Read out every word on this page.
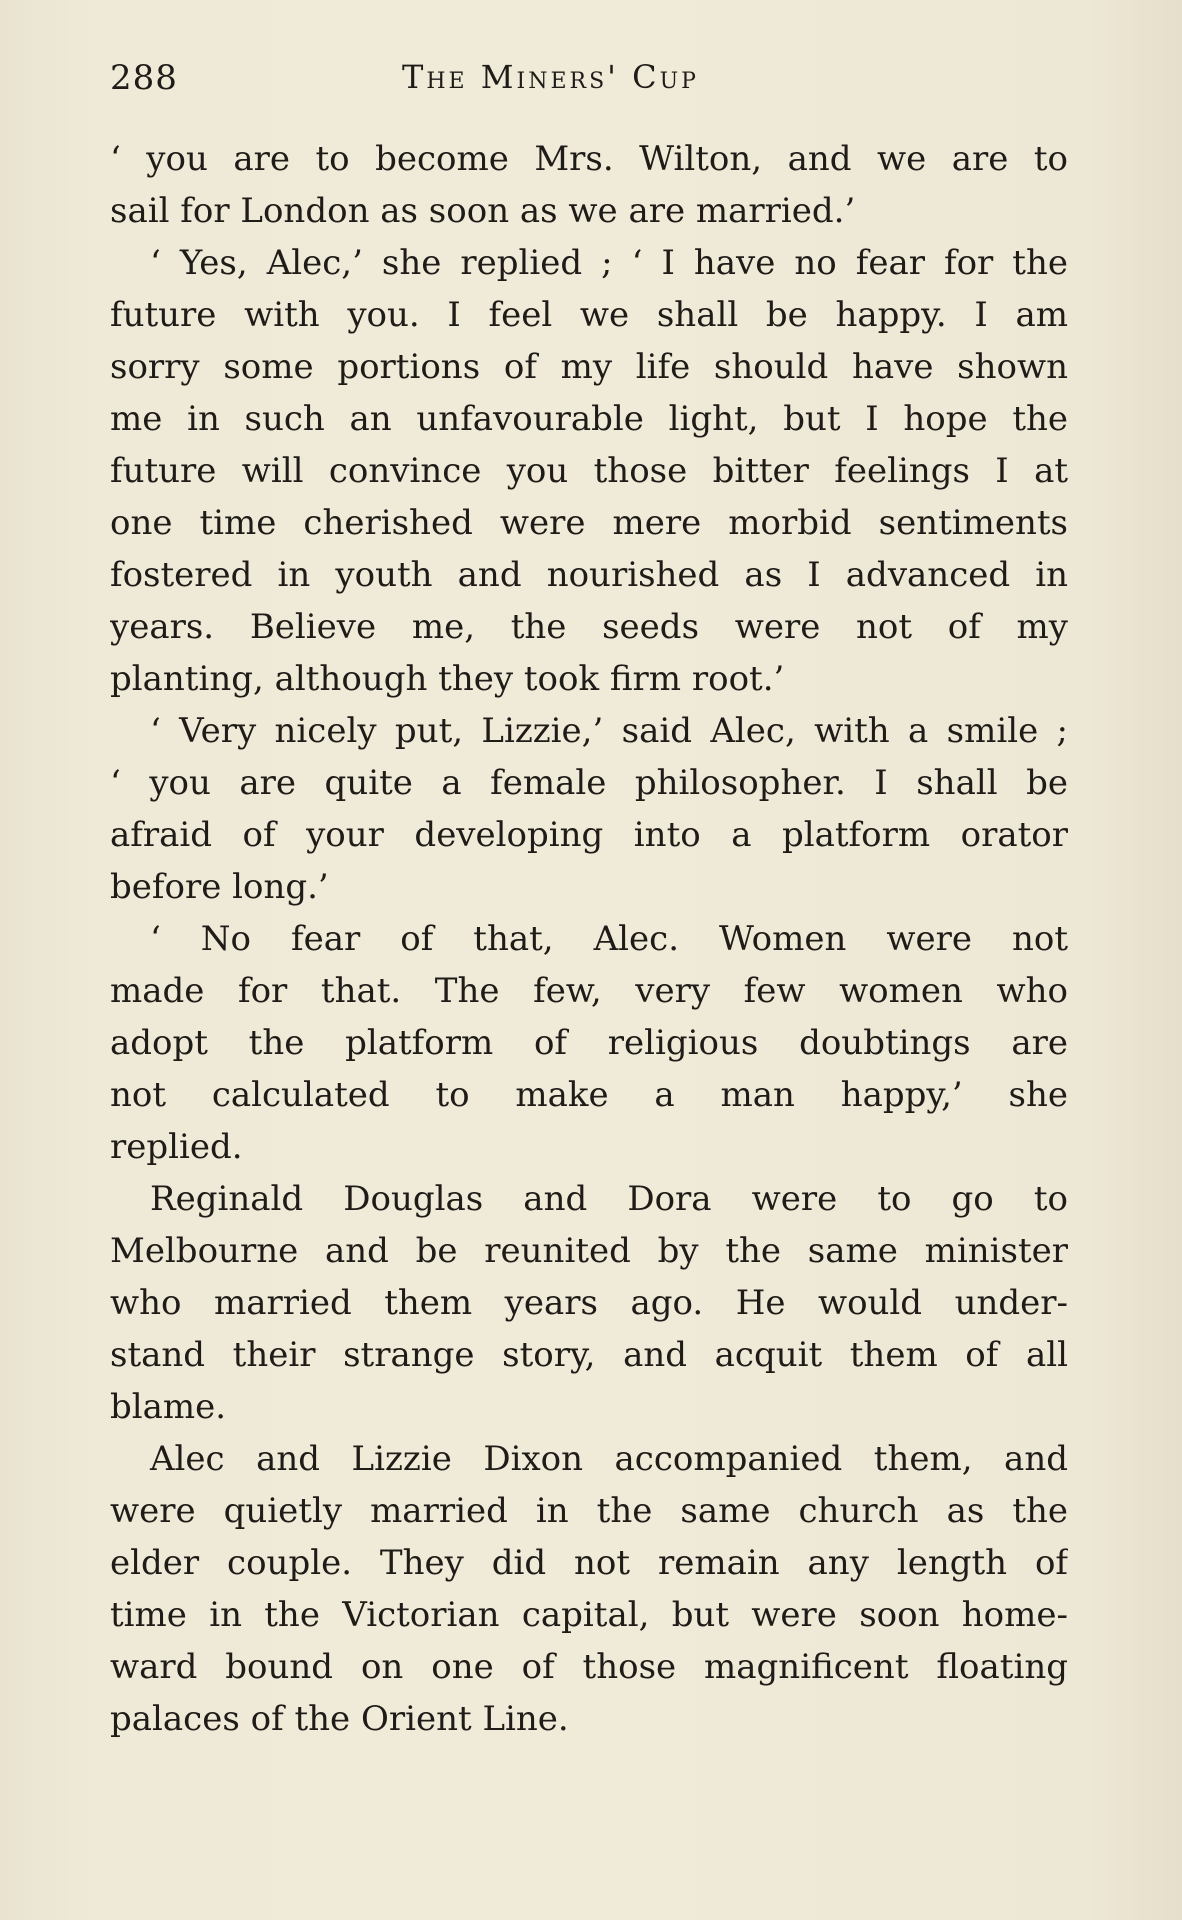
288	The Miners' Cup

‘ you are to become Mrs. Wilton, and we are to
sail for London as soon as we are married.’

‘ Yes, Alec,’ she replied ; ‘ I have no fear for the
future with you. I feel we shall be happy. I am
sorry some portions of my life should have shown
me in such an unfavourable light, but I hope the
future will convince you those bitter feelings I at
one time cherished were mere morbid sentiments
fostered in youth and nourished as I advanced in
years. Believe me, the seeds were not of my
planting, although they took firm root.’

‘ Very nicely put, Lizzie,’ said Alec, with a smile ;
‘ you are quite a female philosopher. I shall be
afraid of your developing into a platform orator
before long.’

‘ No fear of that, Alec. Women were not
made for that. The few, very few women who
adopt the platform of religious doubtings are
not calculated to make a man happy,’ she
replied.

Reginald Douglas and Dora were to go to
Melbourne and be reunited by the same minister
who married them years ago. He would under-
stand their strange story, and acquit them of all
blame.

Alec and Lizzie Dixon accompanied them, and
were quietly married in the same church as the
elder couple. They did not remain any length of
time in the Victorian capital, but were soon home-
ward bound on one of those magnificent floating
palaces of the Orient Line.
